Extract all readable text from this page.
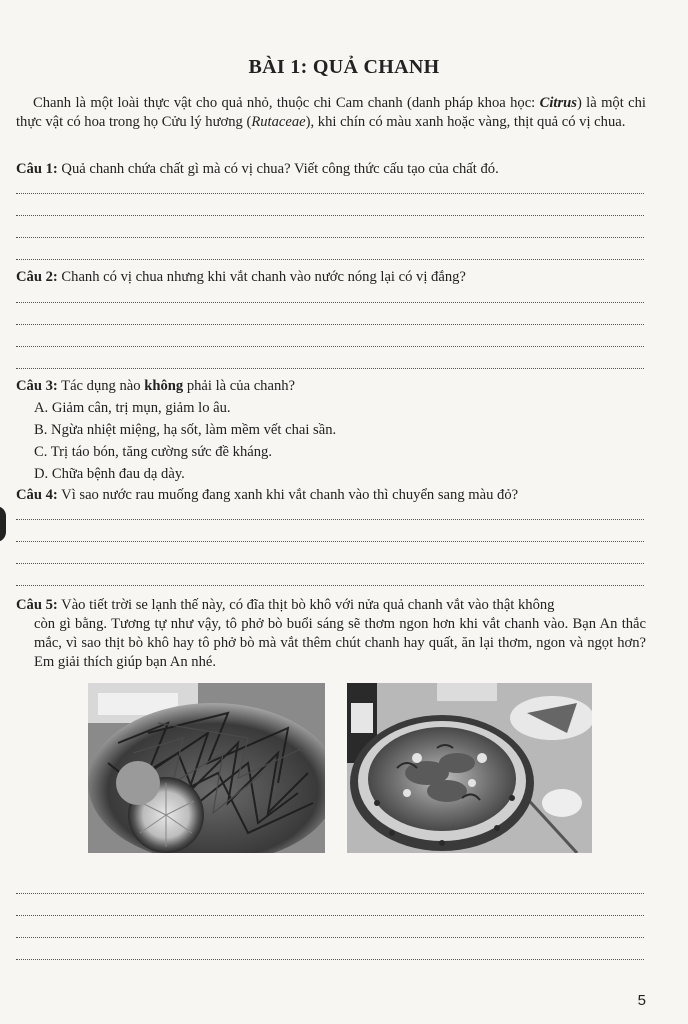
BÀI 1: QUẢ CHANH
Chanh là một loài thực vật cho quả nhỏ, thuộc chi Cam chanh (danh pháp khoa học: Citrus) là một chi thực vật có hoa trong họ Cửu lý hương (Rutaceae), khi chín có màu xanh hoặc vàng, thịt quả có vị chua.
Câu 1: Quả chanh chứa chất gì mà có vị chua? Viết công thức cấu tạo của chất đó.
Câu 2: Chanh có vị chua nhưng khi vắt chanh vào nước nóng lại có vị đắng?
Câu 3: Tác dụng nào không phải là của chanh?
A. Giảm cân, trị mụn, giảm lo âu.
B. Ngừa nhiệt miệng, hạ sốt, làm mềm vết chai sần.
C. Trị táo bón, tăng cường sức đề kháng.
D. Chữa bệnh đau dạ dày.
Câu 4: Vì sao nước rau muống đang xanh khi vắt chanh vào thì chuyển sang màu đỏ?
Câu 5: Vào tiết trời se lạnh thế này, có đĩa thịt bò khô với nửa quả chanh vắt vào thật không
còn gì bằng. Tương tự như vậy, tô phở bò buổi sáng sẽ thơm ngon hơn khi vắt chanh vào. Bạn An thắc mắc, vì sao thịt bò khô hay tô phở bò mà vắt thêm chút chanh hay quất, ăn lại thơm, ngon và ngọt hơn? Em giải thích giúp bạn An nhé.
5
